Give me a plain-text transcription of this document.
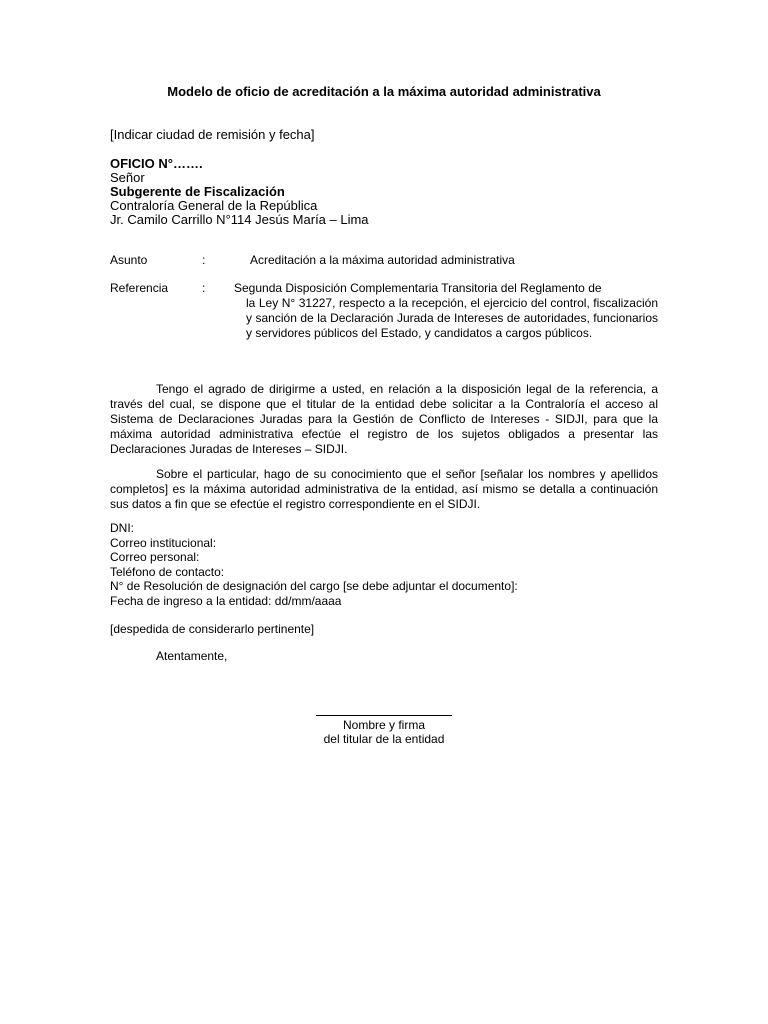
Modelo de oficio de acreditación a la máxima autoridad administrativa
[Indicar ciudad de remisión y fecha]
OFICIO N°…….
Señor
Subgerente de Fiscalización
Contraloría General de la República
Jr. Camilo Carrillo N°114 Jesús María – Lima
Asunto	:	Acreditación a la máxima autoridad administrativa
Referencia	: Segunda Disposición Complementaria Transitoria del Reglamento de
la Ley N° 31227, respecto a la recepción, el ejercicio del control, fiscalización y sanción de la Declaración Jurada de Intereses de autoridades, funcionarios y servidores públicos del Estado, y candidatos a cargos públicos.
Tengo el agrado de dirigirme a usted, en relación a la disposición legal de la referencia, a través del cual, se dispone que el titular de la entidad debe solicitar a la Contraloría el acceso al Sistema de Declaraciones Juradas para la Gestión de Conflicto de Intereses - SIDJI, para que la máxima autoridad administrativa efectúe el registro de los sujetos obligados a presentar las Declaraciones Juradas de Intereses – SIDJI.
Sobre el particular, hago de su conocimiento que el señor [señalar los nombres y apellidos completos] es la máxima autoridad administrativa de la entidad, así mismo se detalla a continuación sus datos a fin que se efectúe el registro correspondiente en el SIDJI.
DNI:
Correo institucional:
Correo personal:
Teléfono de contacto:
N° de Resolución de designación del cargo [se debe adjuntar el documento]:
Fecha de ingreso a la entidad: dd/mm/aaaa
[despedida de considerarlo pertinente]
Atentamente,
Nombre y firma
del titular de la entidad
